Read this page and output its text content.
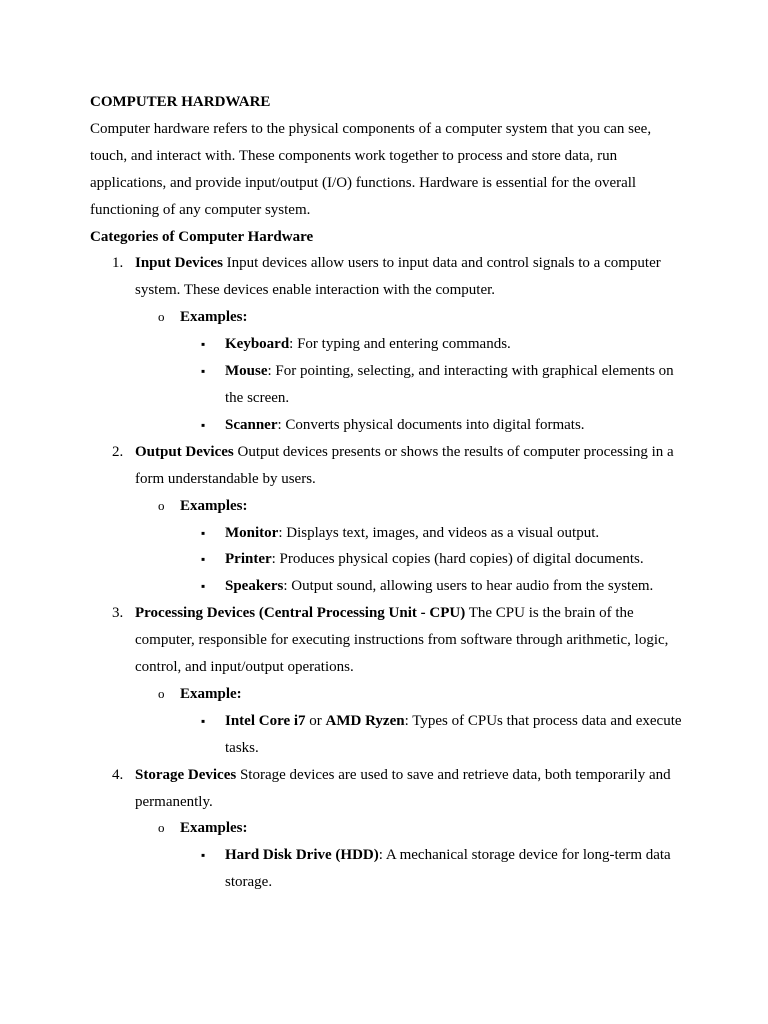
COMPUTER HARDWARE

Computer hardware refers to the physical components of a computer system that you can see, touch, and interact with. These components work together to process and store data, run applications, and provide input/output (I/O) functions. Hardware is essential for the overall functioning of any computer system.

Categories of Computer Hardware
1. Input Devices Input devices allow users to input data and control signals to a computer system. These devices enable interaction with the computer.
o Examples:
▪ Keyboard: For typing and entering commands.
▪ Mouse: For pointing, selecting, and interacting with graphical elements on the screen.
▪ Scanner: Converts physical documents into digital formats.
2. Output Devices Output devices presents or shows the results of computer processing in a form understandable by users.
o Examples:
▪ Monitor: Displays text, images, and videos as a visual output.
▪ Printer: Produces physical copies (hard copies) of digital documents.
▪ Speakers: Output sound, allowing users to hear audio from the system.
3. Processing Devices (Central Processing Unit - CPU) The CPU is the brain of the computer, responsible for executing instructions from software through arithmetic, logic, control, and input/output operations.
o Example:
▪ Intel Core i7 or AMD Ryzen: Types of CPUs that process data and execute tasks.
4. Storage Devices Storage devices are used to save and retrieve data, both temporarily and permanently.
o Examples:
▪ Hard Disk Drive (HDD): A mechanical storage device for long-term data storage.
